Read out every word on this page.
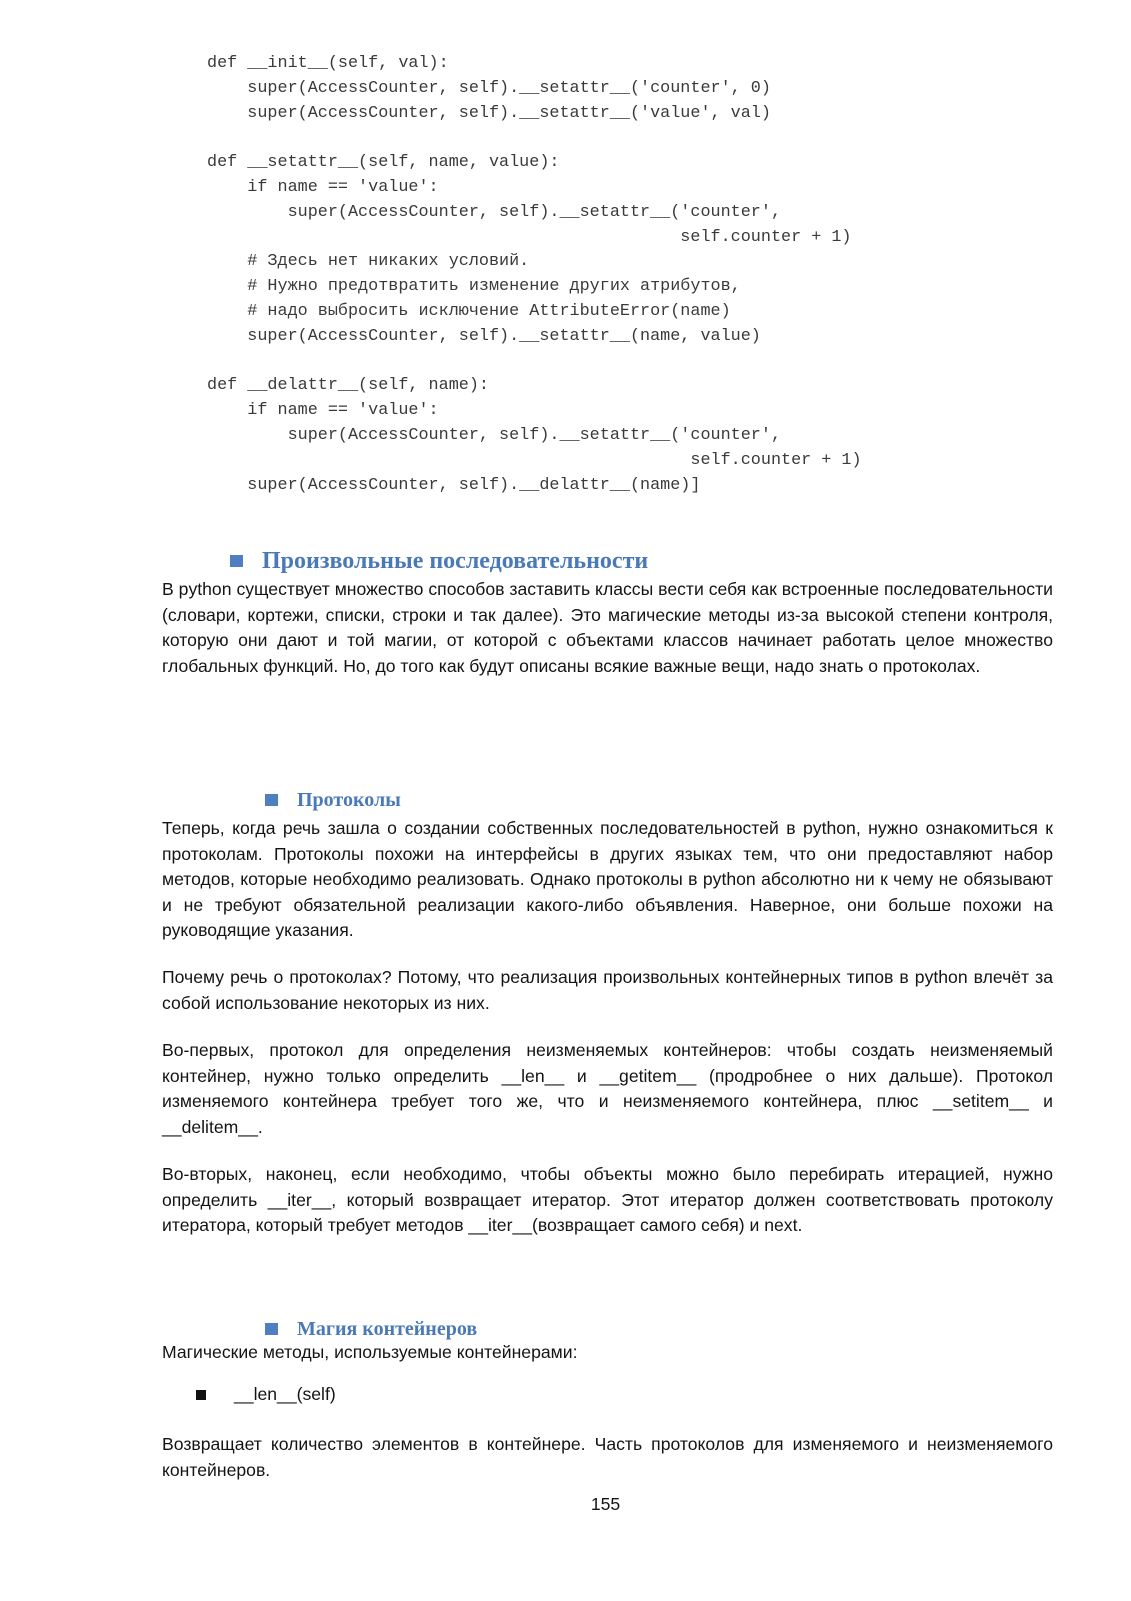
def __init__(self, val):
super(AccessCounter, self).__setattr__('counter', 0)
super(AccessCounter, self).__setattr__('value', val)

def __setattr__(self, name, value):
if name == 'value':
super(AccessCounter, self).__setattr__('counter',
self.counter + 1)
# Здесь нет никаких условий.
# Нужно предотвратить изменение других атрибутов,
# надо выбросить исключение AttributeError(name)
super(AccessCounter, self).__setattr__(name, value)

def __delattr__(self, name):
if name == 'value':
super(AccessCounter, self).__setattr__('counter',
self.counter + 1)
super(AccessCounter, self).__delattr__(name)]
Произвольные последовательности

В python существует множество способов заставить классы вести себя как встроенные последовательности (словари, кортежи, списки, строки и так далее). Это магические методы из-за высокой степени контроля, которую они дают и той магии, от которой с объектами классов начинает работать целое множество глобальных функций. Но, до того как будут описаны всякие важные вещи, надо знать о протоколах.

Протоколы

Теперь, когда речь зашла о создании собственных последовательностей в python, нужно ознакомиться к протоколам. Протоколы похожи на интерфейсы в других языках тем, что они предоставляют набор методов, которые необходимо реализовать. Однако протоколы в python абсолютно ни к чему не обязывают и не требуют обязательной реализации какого-либо объявления. Наверное, они больше похожи на руководящие указания.

Почему речь о протоколах? Потому, что реализация произвольных контейнерных типов в python влечёт за собой использование некоторых из них.

Во-первых, протокол для определения неизменяемых контейнеров: чтобы создать неизменяемый контейнер, нужно только определить __len__ и __getitem__ (продробнее о них дальше). Протокол изменяемого контейнера требует того же, что и неизменяемого контейнера, плюс __setitem__ и __delitem__.

Во-вторых, наконец, если необходимо, чтобы объекты можно было перебирать итерацией, нужно определить __iter__, который возвращает итератор. Этот итератор должен соответствовать протоколу итератора, который требует методов __iter__(возвращает самого себя) и next.

Магия контейнеров

Магические методы, используемые контейнерами:

__len__(self)

Возвращает количество элементов в контейнере. Часть протоколов для изменяемого и неизменяемого контейнеров.

155
